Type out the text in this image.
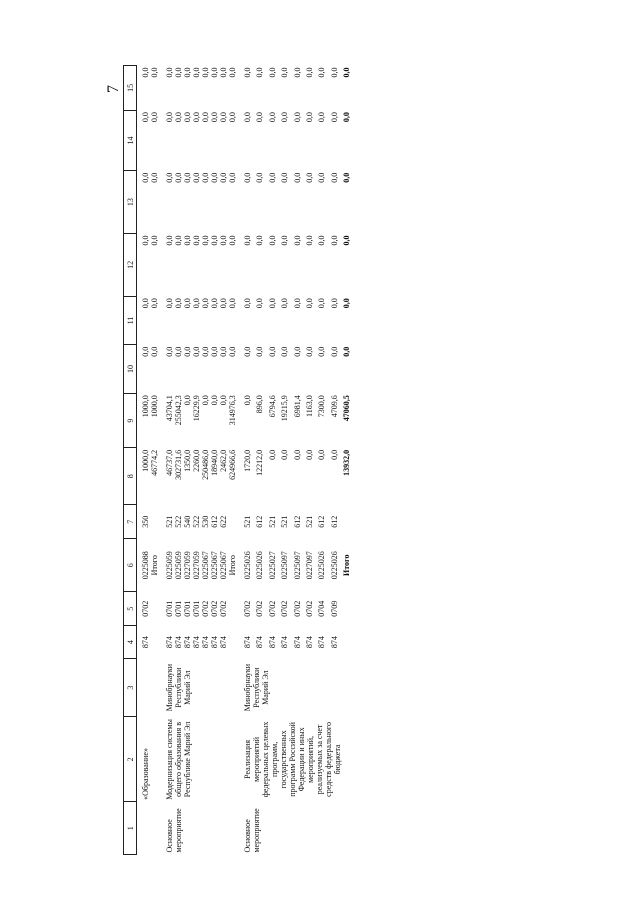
7
1	2	3	4	5	6	7	8	9	10	11	12	13	14	15
	«Образование»		874	0702	0225088	350	1000,0	1000,0	0,0	0,0	0,0	0,0	0,0	0,0
				Итого			46774,2	1000,0	0,0	0,0	0,0	0,0	0,0	0,0
Основное мероприятие	Модернизация системы общего образования в Республике Марий Эл	Минобрнауки Республики Марий Эл	874	0701	0225059	521	46737,0	43704,1	0,0	0,0	0,0	0,0	0,0	0,0
			874	0701	0225059	522	302731,6	255042,3	0,0	0,0	0,0	0,0	0,0	0,0
			874	0701	0227059	540	1350,0	0,0	0,0	0,0	0,0	0,0	0,0	0,0
			874	0701	0227059	522	2260,0	16229,9	0,0	0,0	0,0	0,0	0,0	0,0
			874	0702	0225067	530	250486,0	0,0	0,0	0,0	0,0	0,0	0,0	0,0
			874	0702	0225067	612	18940,0	0,0	0,0	0,0	0,0	0,0	0,0	0,0
			874	0702	0225067	622	2462,0	0,0	0,0	0,0	0,0	0,0	0,0	0,0
				Итого			624966,6	314976,3	0,0	0,0	0,0	0,0	0,0	0,0
Основное мероприятие	Реализация мероприятий федеральных целевых программ, государственных программ Российской Федерации и иных мероприятий, реализуемых за счет средств федерального бюджета	Минобрнауки Республики Марий Эл	874	0702	0225026	521	1720,0	0,0	0,0	0,0	0,0	0,0	0,0	0,0
			874	0702	0225026	612	12212,0	896,0	0,0	0,0	0,0	0,0	0,0	0,0
			874	0702	0225027	521	0,0	6794,6	0,0	0,0	0,0	0,0	0,0	0,0
			874	0702	0225097	521	0,0	19215,9	0,0	0,0	0,0	0,0	0,0	0,0
			874	0702	0225097	612	0,0	6981,4	0,0	0,0	0,0	0,0	0,0	0,0
			874	0702	0227097	521	0,0	1163,0	0,0	0,0	0,0	0,0	0,0	0,0
			874	0704	0225026	612	0,0	7300,0	0,0	0,0	0,0	0,0	0,0	0,0
			874	0709	0225026	612	0,0	4709,6	0,0	0,0	0,0	0,0	0,0	0,0
				Итого			13932,0	47060,5	0,0	0,0	0,0	0,0	0,0	0,0
